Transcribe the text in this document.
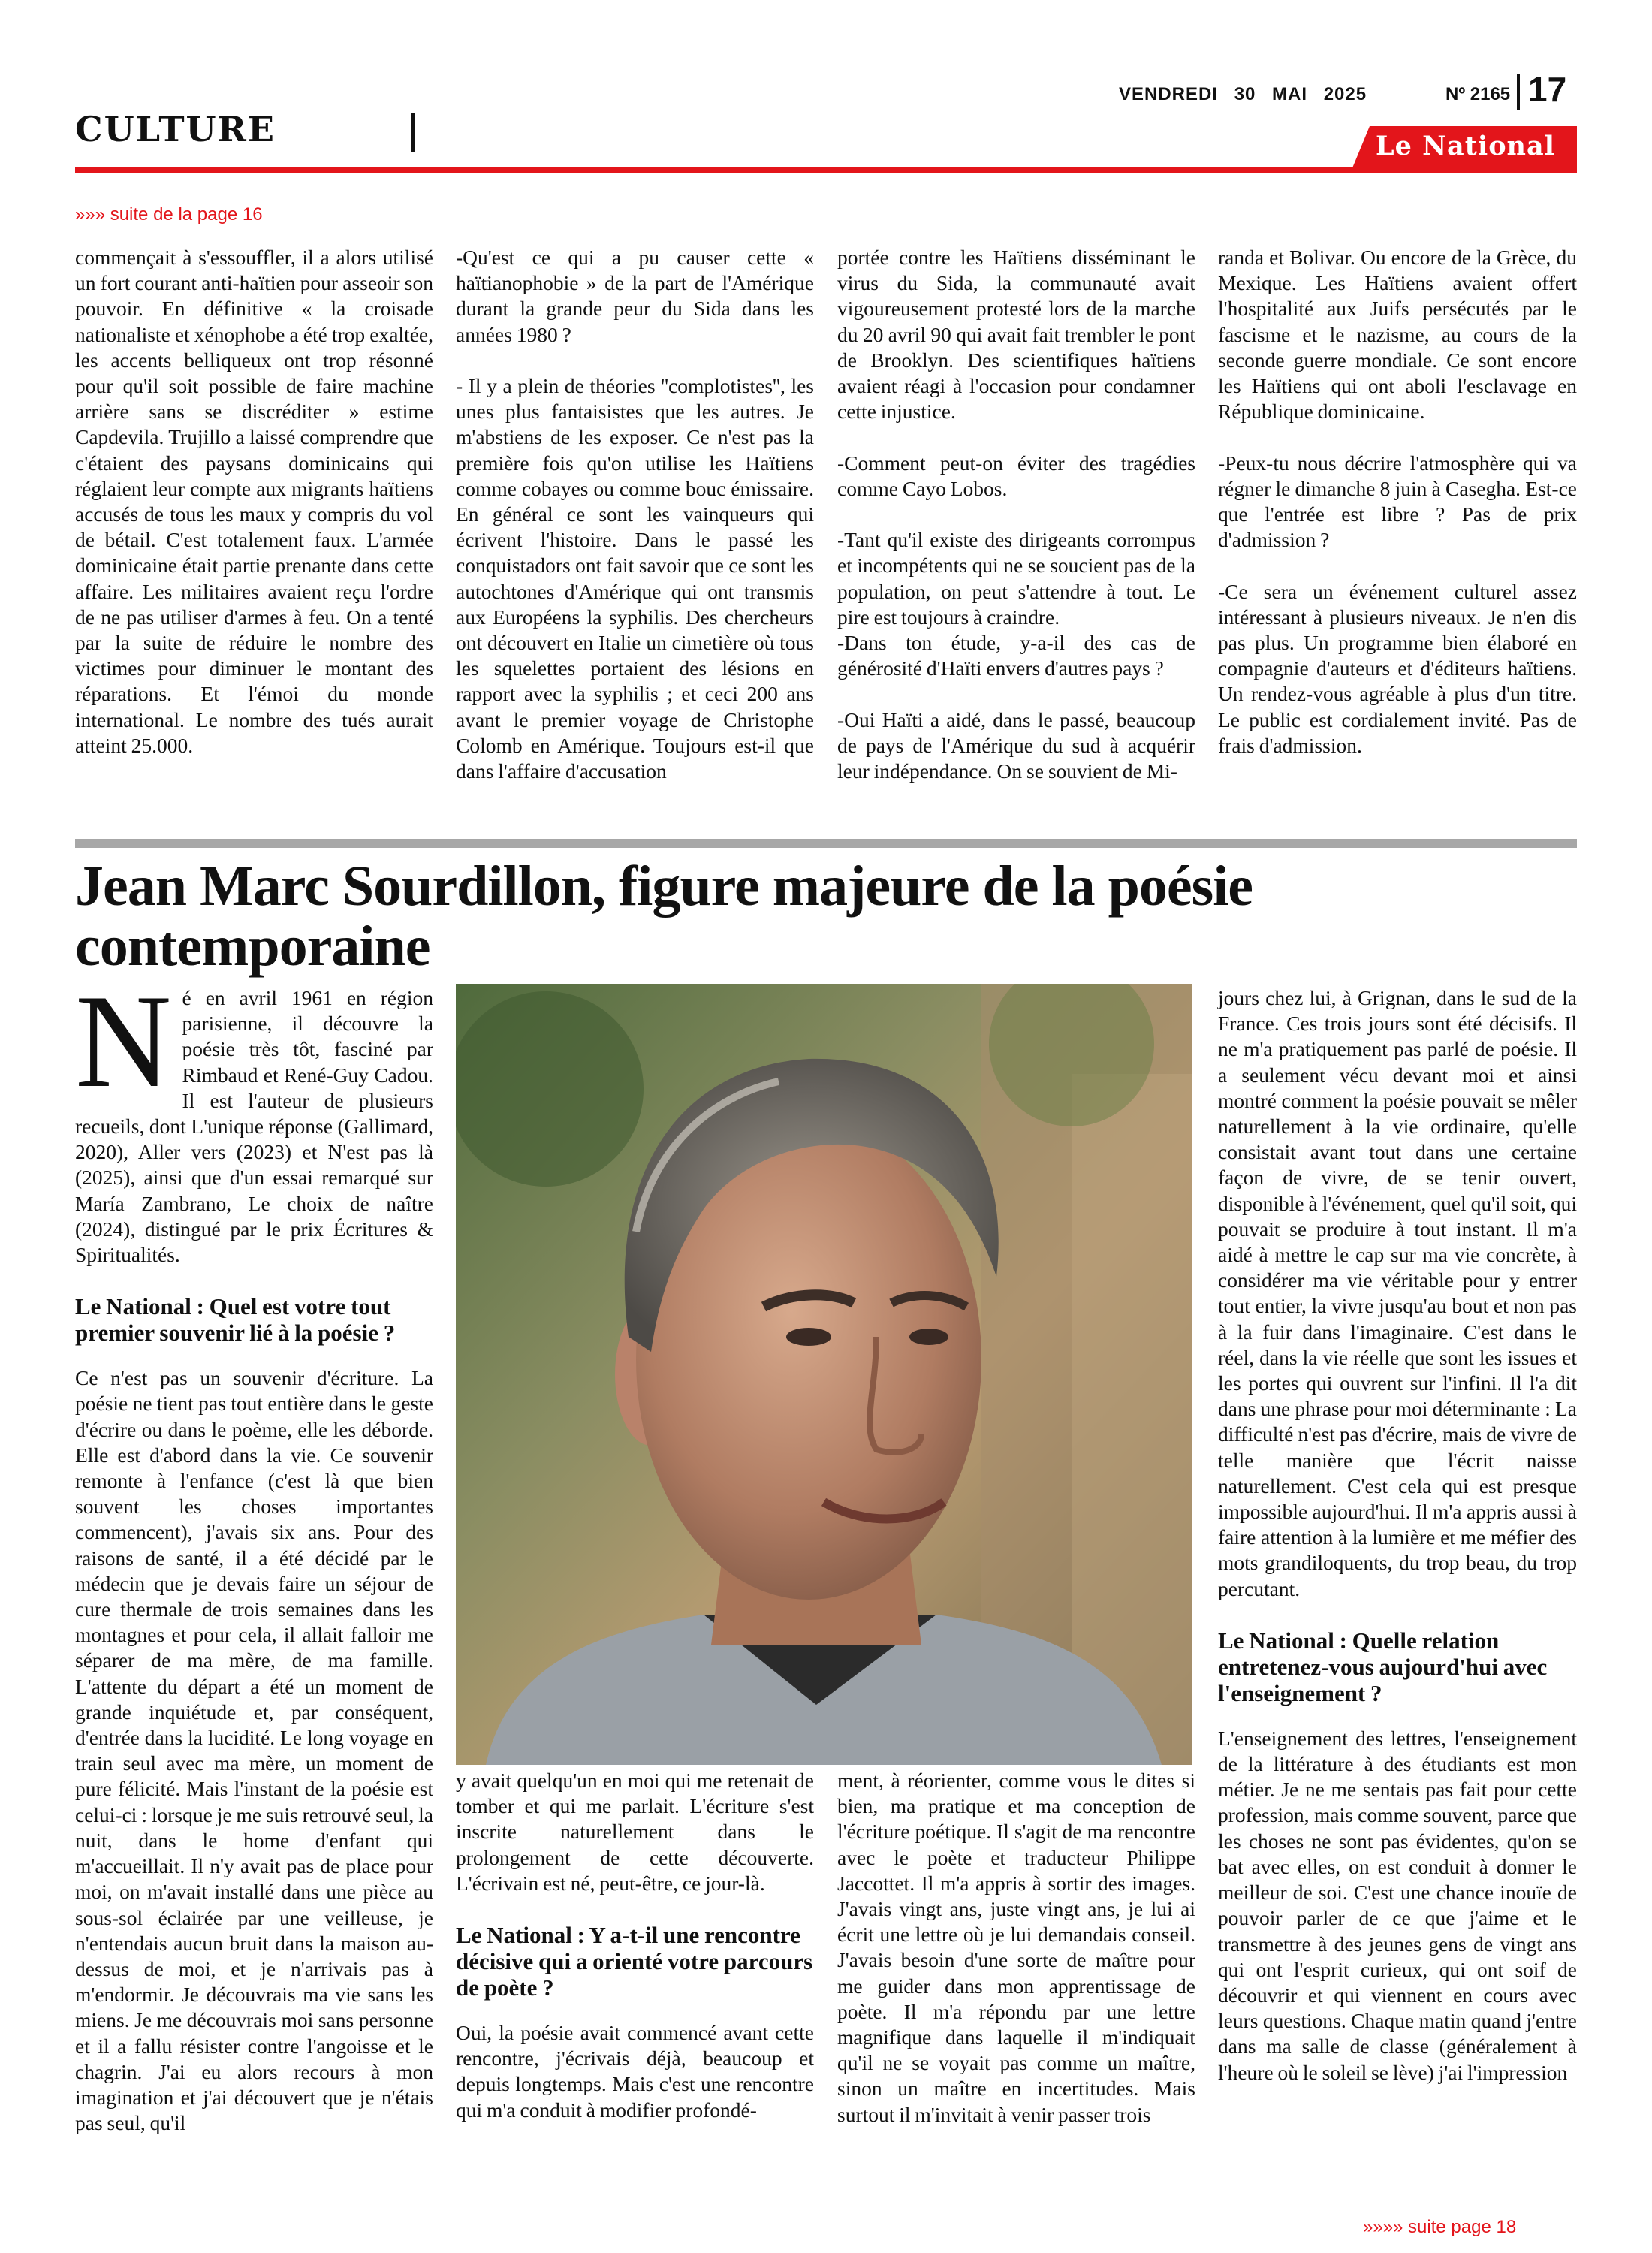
CULTURE
VENDREDI 30 MAI 2025	Nº 2165 17
Le National
»»» suite de la page 16
commençait à s'essouffler, il a alors utilisé un fort courant anti-haïtien pour asseoir son pouvoir. En définitive « la croisade nationaliste et xénophobe a été trop exaltée, les accents belliqueux ont trop résonné pour qu'il soit possible de faire machine arrière sans se discréditer » estime Capdevila. Trujillo a laissé comprendre que c'étaient des paysans dominicains qui réglaient leur compte aux migrants haïtiens accusés de tous les maux y compris du vol de bétail. C'est totalement faux. L'armée dominicaine était partie prenante dans cette affaire. Les militaires avaient reçu l'ordre de ne pas utiliser d'armes à feu. On a tenté par la suite de réduire le nombre des victimes pour diminuer le montant des réparations. Et l'émoi du monde international. Le nombre des tués aurait atteint 25.000.
-Qu'est ce qui a pu causer cette « haïtianophobie » de la part de l'Amérique durant la grande peur du Sida dans les années 1980 ?

- Il y a plein de théories ''complotistes'', les unes plus fantaisistes que les autres. Je m'abstiens de les exposer. Ce n'est pas la première fois qu'on utilise les Haïtiens comme cobayes ou comme bouc émissaire. En général ce sont les vainqueurs qui écrivent l'histoire. Dans le passé les conquistadors ont fait savoir que ce sont les autochtones d'Amérique qui ont transmis aux Européens la syphilis. Des chercheurs ont découvert en Italie un cimetière où tous les squelettes portaient des lésions en rapport avec la syphilis ; et ceci 200 ans avant le premier voyage de Christophe Colomb en Amérique. Toujours est-il que dans l'affaire d'accusation
portée contre les Haïtiens disséminant le virus du Sida, la communauté avait vigoureusement protesté lors de la marche du 20 avril 90 qui avait fait trembler le pont de Brooklyn. Des scientifiques haïtiens avaient réagi à l'occasion pour condamner cette injustice.

-Comment peut-on éviter des tragédies comme Cayo Lobos.

-Tant qu'il existe des dirigeants corrompus et incompétents qui ne se soucient pas de la population, on peut s'attendre à tout. Le pire est toujours à craindre.
-Dans ton étude, y-a-il des cas de générosité d'Haïti envers d'autres pays ?

-Oui Haïti a aidé, dans le passé, beaucoup de pays de l'Amérique du sud à acquérir leur indépendance. On se souvient de Mi-
randa et Bolivar. Ou encore de la Grèce, du Mexique. Les Haïtiens avaient offert l'hospitalité aux Juifs persécutés par le fascisme et le nazisme, au cours de la seconde guerre mondiale. Ce sont encore les Haïtiens qui ont aboli l'esclavage en République dominicaine.

-Peux-tu nous décrire l'atmosphère qui va régner le dimanche 8 juin à Casegha. Est-ce que l'entrée est libre ? Pas de prix d'admission ?

-Ce sera un événement culturel assez intéressant à plusieurs niveaux. Je n'en dis pas plus. Un programme bien élaboré en compagnie d'auteurs et d'éditeurs haïtiens. Un rendez-vous agréable à plus d'un titre. Le public est cordialement invité. Pas de frais d'admission.
Jean Marc Sourdillon, figure majeure de la poésie contemporaine

Né en avril 1961 en région parisienne, il découvre la poésie très tôt, fasciné par Rimbaud et René-Guy Cadou. Il est l'auteur de plusieurs recueils, dont L'unique réponse (Gallimard, 2020), Aller vers (2023) et N'est pas là (2025), ainsi que d'un essai remarqué sur María Zambrano, Le choix de naître (2024), distingué par le prix Écritures & Spiritualités.

Le National : Quel est votre tout premier souvenir lié à la poésie ?

Ce n'est pas un souvenir d'écriture. La poésie ne tient pas tout entière dans le geste d'écrire ou dans le poème, elle les déborde. Elle est d'abord dans la vie. Ce souvenir remonte à l'enfance (c'est là que bien souvent les choses importantes commencent), j'avais six ans. Pour des raisons de santé, il a été décidé par le médecin que je devais faire un séjour de cure thermale de trois semaines dans les montagnes et pour cela, il allait falloir me séparer de ma mère, de ma famille. L'attente du départ a été un moment de grande inquiétude et, par conséquent, d'entrée dans la lucidité. Le long voyage en train seul avec ma mère, un moment de pure félicité. Mais l'instant de la poésie est celui-ci : lorsque je me suis retrouvé seul, la nuit, dans le home d'enfant qui m'accueillait. Il n'y avait pas de place pour moi, on m'avait installé dans une pièce au sous-sol éclairée par une veilleuse, je n'entendais aucun bruit dans la maison au-dessus de moi, et je n'arrivais pas à m'endormir. Je découvrais ma vie sans les miens. Je me découvrais moi sans personne et il a fallu résister contre l'angoisse et le chagrin. J'ai eu alors recours à mon imagination et j'ai découvert que je n'étais pas seul, qu'il

y avait quelqu'un en moi qui me retenait de tomber et qui me parlait. L'écriture s'est inscrite naturellement dans le prolongement de cette découverte. L'écrivain est né, peut-être, ce jour-là.

Le National : Y a-t-il une rencontre décisive qui a orienté votre parcours de poète ?

Oui, la poésie avait commencé avant cette rencontre, j'écrivais déjà, beaucoup et depuis longtemps. Mais c'est une rencontre qui m'a conduit à modifier profondé-

ment, à réorienter, comme vous le dites si bien, ma pratique et ma conception de l'écriture poétique. Il s'agit de ma rencontre avec le poète et traducteur Philippe Jaccottet. Il m'a appris à sortir des images. J'avais vingt ans, juste vingt ans, je lui ai écrit une lettre où je lui demandais conseil. J'avais besoin d'une sorte de maître pour me guider dans mon apprentissage de poète. Il m'a répondu par une lettre magnifique dans laquelle il m'indiquait qu'il ne se voyait pas comme un maître, sinon un maître en incertitudes. Mais surtout il m'invitait à venir passer trois

jours chez lui, à Grignan, dans le sud de la France. Ces trois jours sont été décisifs. Il ne m'a pratiquement pas parlé de poésie. Il a seulement vécu devant moi et ainsi montré comment la poésie pouvait se mêler naturellement à la vie ordinaire, qu'elle consistait avant tout dans une certaine façon de vivre, de se tenir ouvert, disponible à l'événement, quel qu'il soit, qui pouvait se produire à tout instant. Il m'a aidé à mettre le cap sur ma vie concrète, à considérer ma vie véritable pour y entrer tout entier, la vivre jusqu'au bout et non pas à la fuir dans l'imaginaire. C'est dans le réel, dans la vie réelle que sont les issues et les portes qui ouvrent sur l'infini. Il l'a dit dans une phrase pour moi déterminante : La difficulté n'est pas d'écrire, mais de vivre de telle manière que l'écrit naisse naturellement. C'est cela qui est presque impossible aujourd'hui. Il m'a appris aussi à faire attention à la lumière et me méfier des mots grandiloquents, du trop beau, du trop percutant.

Le National : Quelle relation entretenez-vous aujourd'hui avec l'enseignement ?

L'enseignement des lettres, l'enseignement de la littérature à des étudiants est mon métier. Je ne me sentais pas fait pour cette profession, mais comme souvent, parce que les choses ne sont pas évidentes, qu'on se bat avec elles, on est conduit à donner le meilleur de soi. C'est une chance inouïe de pouvoir parler de ce que j'aime et le transmettre à des jeunes gens de vingt ans qui ont l'esprit curieux, qui ont soif de découvrir et qui viennent en cours avec leurs questions. Chaque matin quand j'entre dans ma salle de classe (généralement à l'heure où le soleil se lève) j'ai l'impression

»»»» suite page 18
